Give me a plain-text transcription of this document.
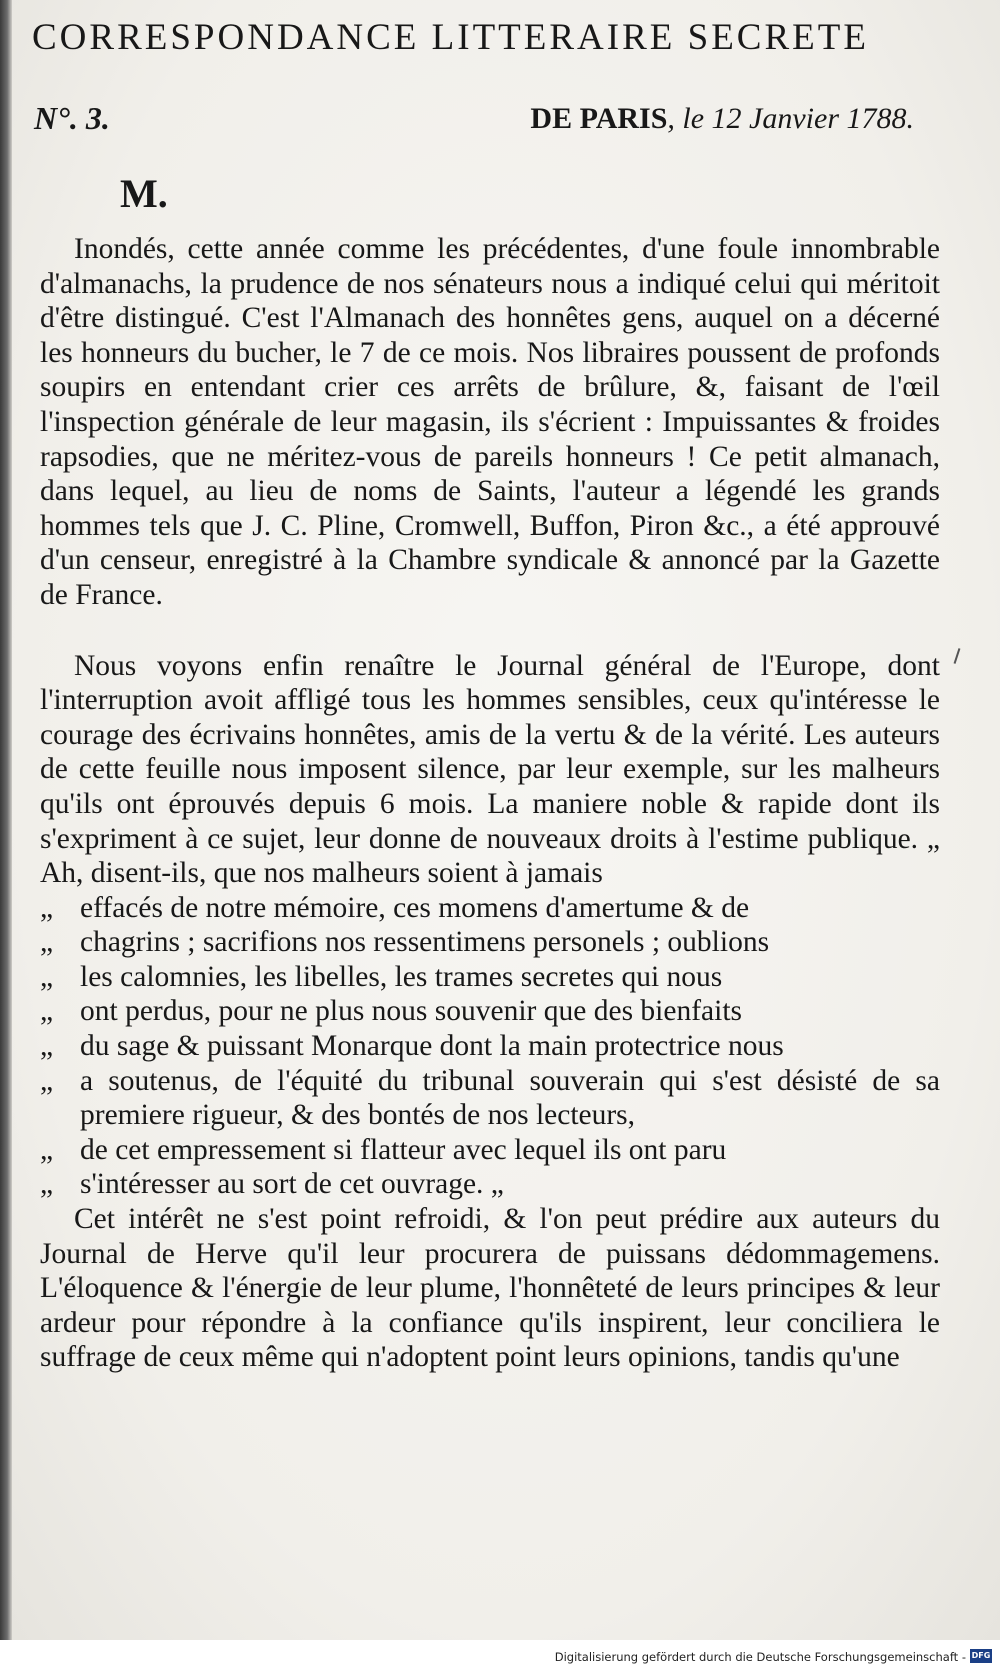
CORRESPONDANCE LITTERAIRE SECRETE
N°. 3.	DE PARIS, le 12 Janvier 1788.
M.

Inondés, cette année comme les précédentes, d'une foule innombrable d'almanachs, la prudence de nos sénateurs nous a indiqué celui qui méritoit d'être distingué. C'est l'Almanach des honnêtes gens, auquel on a décerné les honneurs du bucher, le 7 de ce mois. Nos libraires poussent de profonds soupirs en entendant crier ces arrêts de brûlure, &, faisant de l'œil l'inspection générale de leur magasin, ils s'écrient : Impuissantes & froides rapsodies, que ne méritez-vous de pareils honneurs ! Ce petit almanach, dans lequel, au lieu de noms de Saints, l'auteur a légendé les grands hommes tels que J. C. Pline, Cromwell, Buffon, Piron &c., a été approuvé d'un censeur, enregistré à la Chambre syndicale & annoncé par la Gazette de France.

Nous voyons enfin renaître le Journal général de l'Europe, dont l'interruption avoit affligé tous les hommes sensibles, ceux qu'intéresse le courage des écrivains honnêtes, amis de la vertu & de la vérité. Les auteurs de cette feuille nous imposent silence, par leur exemple, sur les malheurs qu'ils ont éprouvés depuis 6 mois. La maniere noble & rapide dont ils s'expriment à ce sujet, leur donne de nouveaux droits à l'estime publique. „ Ah, disent-ils, que nos malheurs soient à jamais

„ effacés de notre mémoire, ces momens d'amertume & de
„ chagrins ; sacrifions nos ressentimens personels ; oublions
„ les calomnies, les libelles, les trames secretes qui nous
„ ont perdus, pour ne plus nous souvenir que des bienfaits
„ du sage & puissant Monarque dont la main protectrice nous
„ a soutenus, de l'équité du tribunal souverain qui s'est désisté de sa premiere rigueur, & des bontés de nos lecteurs,
„ de cet empressement si flatteur avec lequel ils ont paru
„ s'intéresser au sort de cet ouvrage. „

Cet intérêt ne s'est point refroidi, & l'on peut prédire aux auteurs du Journal de Herve qu'il leur procurera de puissans dédommagemens. L'éloquence & l'énergie de leur plume, l'honnêteté de leurs principes & leur ardeur pour répondre à la confiance qu'ils inspirent, leur conciliera le suffrage de ceux même qui n'adoptent point leurs opinions, tandis qu'une

Digitalisierung gefördert durch die Deutsche Forschungsgemeinschaft - DFG
